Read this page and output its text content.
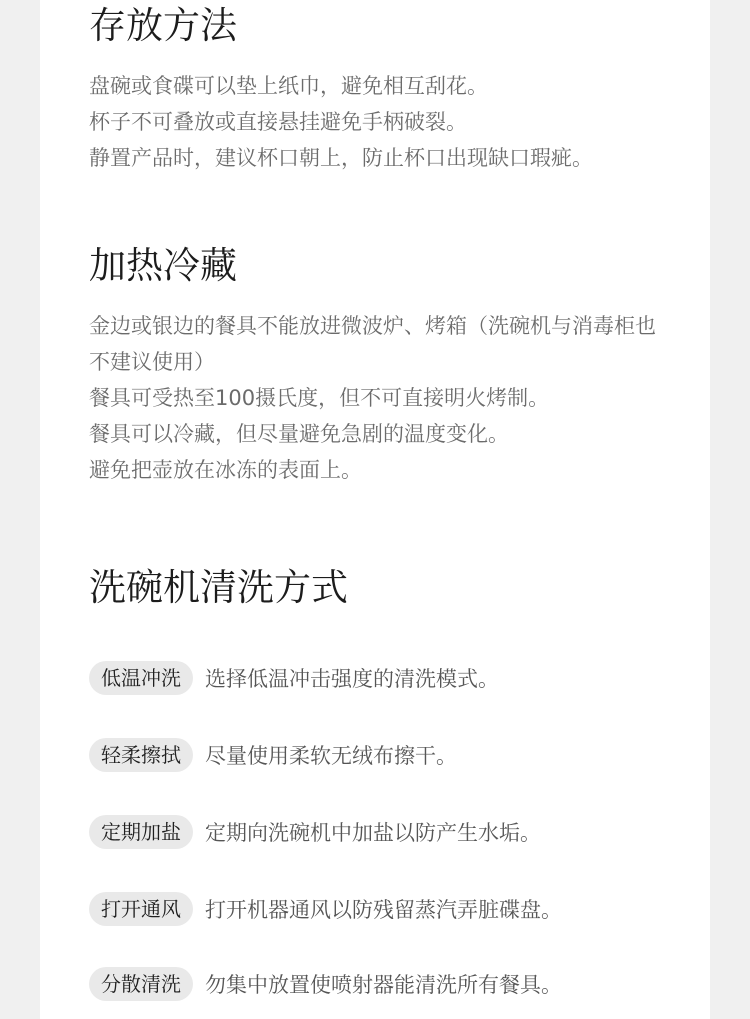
存放方法

盘碗或食碟可以垫上纸巾，避免相互刮花。

杯子不可叠放或直接悬挂避免手柄破裂。

静置产品时，建议杯口朝上，防止杯口出现缺口瑕疵。

加热冷藏

金边或银边的餐具不能放进微波炉、烤箱（洗碗机与消毒柜也不建议使用）

餐具可受热至100摄氏度，但不可直接明火烤制。

餐具可以冷藏，但尽量避免急剧的温度变化。

避免把壶放在冰冻的表面上。

洗碗机清洗方式
低温冲洗	选择低温冲击强度的清洗模式。
轻柔擦拭	尽量使用柔软无绒布擦干。
定期加盐	定期向洗碗机中加盐以防产生水垢。
打开通风	打开机器通风以防残留蒸汽弄脏碟盘。
分散清洗	勿集中放置使喷射器能清洗所有餐具。
